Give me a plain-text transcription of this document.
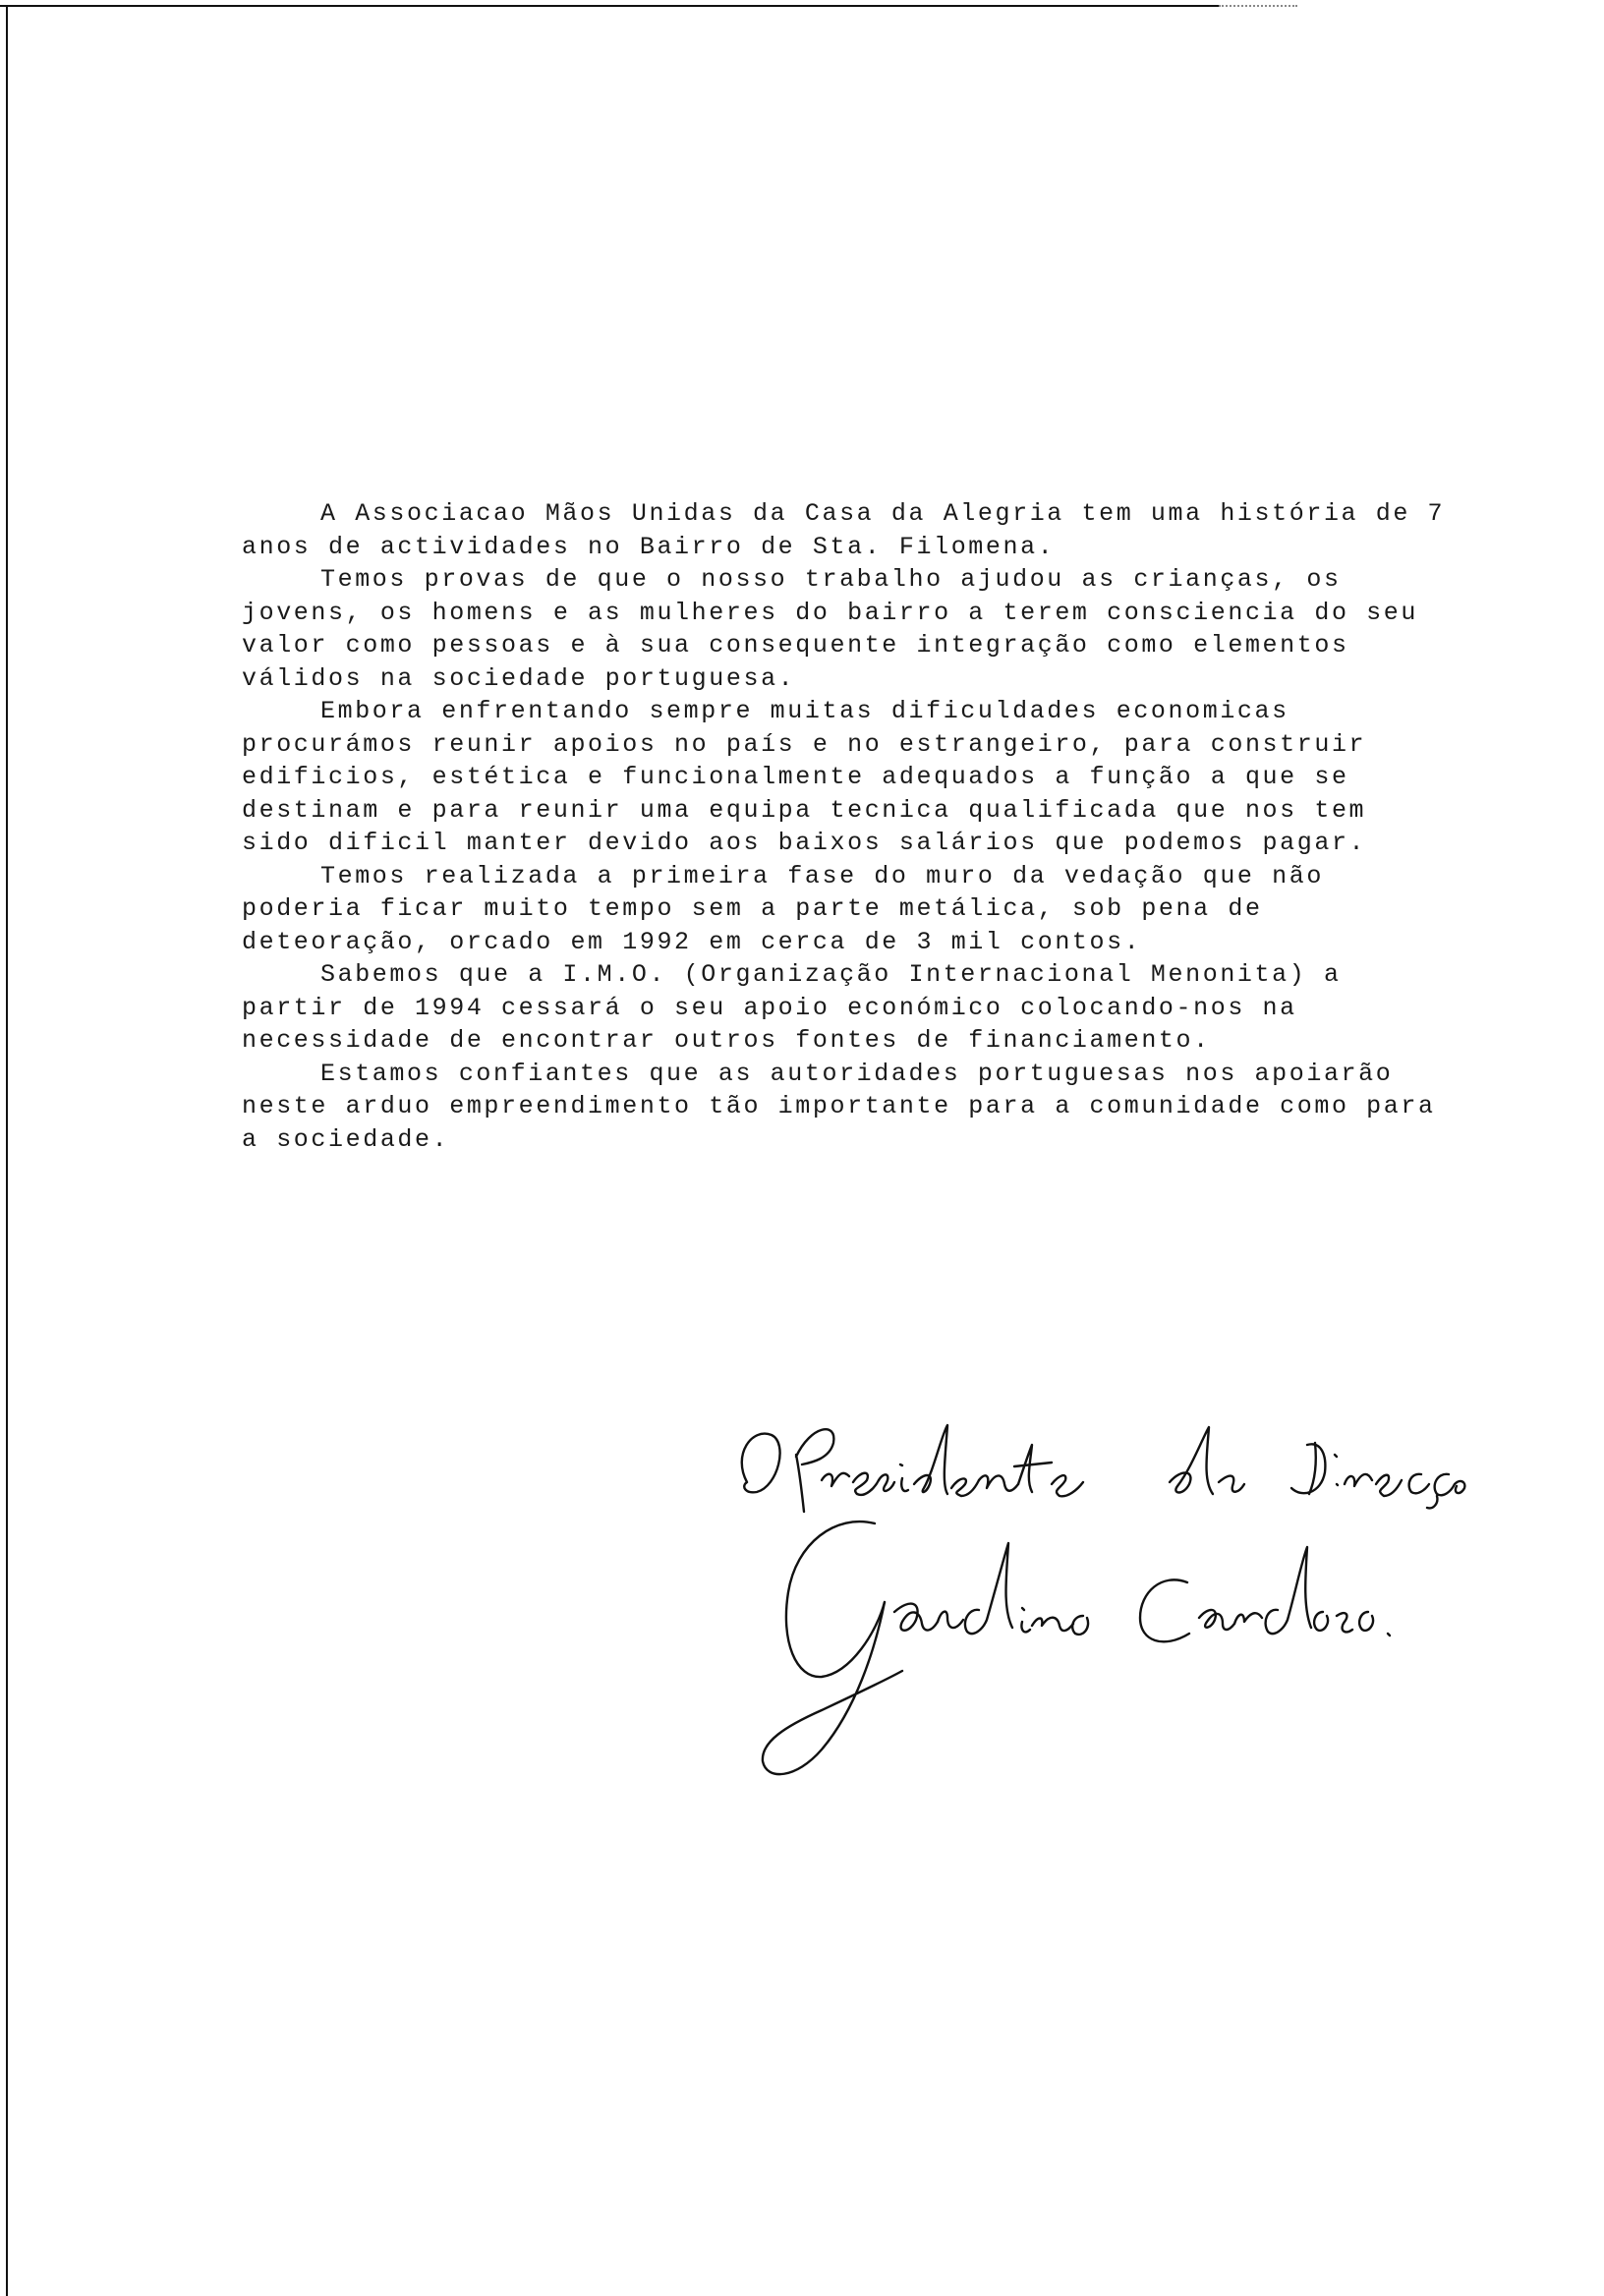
A Associacao Mãos Unidas da Casa da Alegria tem uma história de 7 anos de actividades no Bairro de Sta. Filomena.

Temos provas de que o nosso trabalho ajudou as crianças, os jovens, os homens e as mulheres do bairro a terem consciencia do seu valor como pessoas e à sua consequente integração como elementos válidos na sociedade portuguesa.

Embora enfrentando sempre muitas dificuldades economicas procurámos reunir apoios no país e no estrangeiro, para construir edificios, estética e funcionalmente adequados a função a que se destinam e para reunir uma equipa tecnica qualificada que nos tem sido dificil manter devido aos baixos salários que podemos pagar.

Temos realizada a primeira fase do muro da vedação que não poderia ficar muito tempo sem a parte metálica, sob pena de deteoração, orcado em 1992 em cerca de 3 mil contos.

Sabemos que a I.M.O. (Organização Internacional Menonita) a partir de 1994 cessará o seu apoio económico colocando-nos na necessidade de encontrar outros fontes de financiamento.

Estamos confiantes que as autoridades portuguesas nos apoiarão neste arduo empreendimento tão importante para a comunidade como para a sociedade.
